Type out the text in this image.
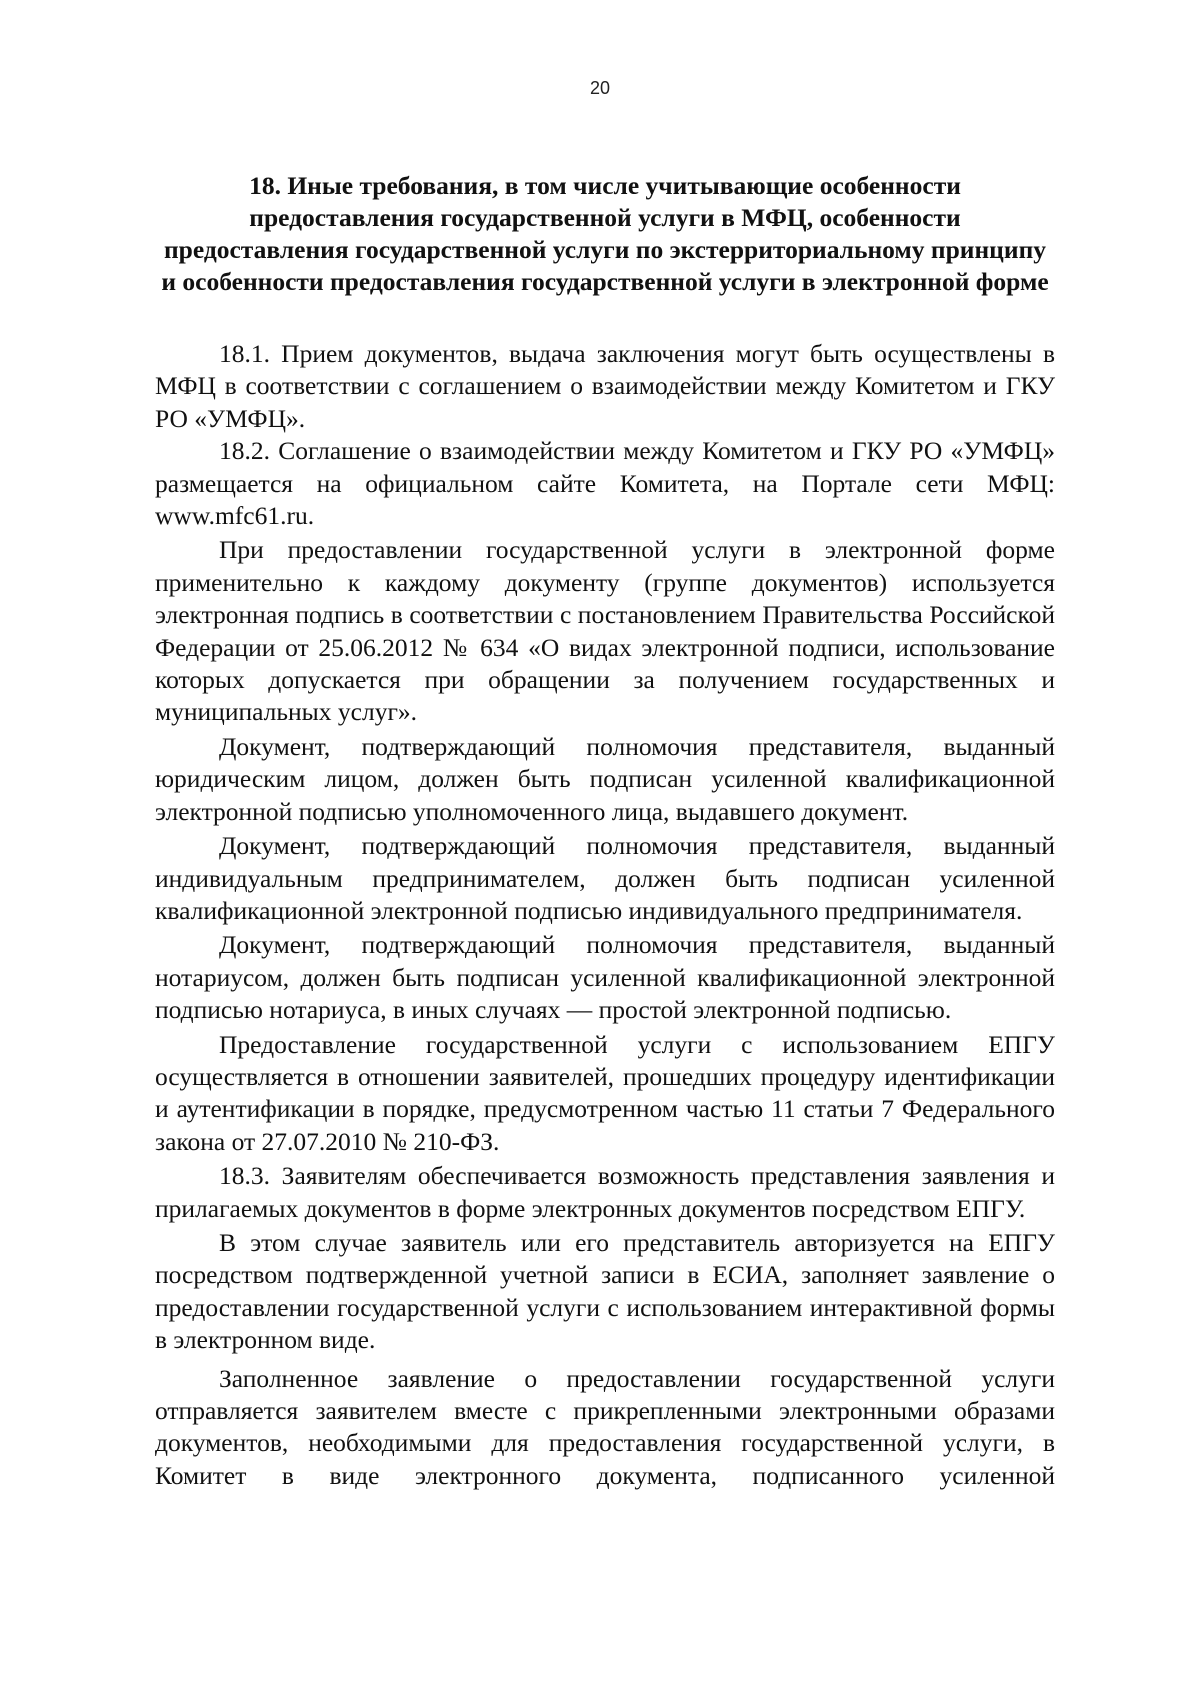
20
18. Иные требования, в том числе учитывающие особенности
предоставления государственной услуги в МФЦ, особенности
предоставления государственной услуги по экстерриториальному принципу
и особенности предоставления государственной услуги в электронной форме

18.1. Прием документов, выдача заключения могут быть осуществлены в МФЦ в соответствии с соглашением о взаимодействии между Комитетом и ГКУ РО «УМФЦ».

18.2. Соглашение о взаимодействии между Комитетом и ГКУ РО «УМФЦ» размещается на официальном сайте Комитета, на Портале сети МФЦ: www.mfc61.ru.

При предоставлении государственной услуги в электронной форме применительно к каждому документу (группе документов) используется электронная подпись в соответствии с постановлением Правительства Российской Федерации от 25.06.2012 № 634 «О видах электронной подписи, использование которых допускается при обращении за получением государственных и муниципальных услуг».

Документ, подтверждающий полномочия представителя, выданный юридическим лицом, должен быть подписан усиленной квалификационной электронной подписью уполномоченного лица, выдавшего документ.

Документ, подтверждающий полномочия представителя, выданный индивидуальным предпринимателем, должен быть подписан усиленной квалификационной электронной подписью индивидуального предпринимателя.

Документ, подтверждающий полномочия представителя, выданный нотариусом, должен быть подписан усиленной квалификационной электронной подписью нотариуса, в иных случаях — простой электронной подписью.

Предоставление государственной услуги с использованием ЕПГУ осуществляется в отношении заявителей, прошедших процедуру идентификации и аутентификации в порядке, предусмотренном частью 11 статьи 7 Федерального закона от 27.07.2010 № 210-ФЗ.

18.3. Заявителям обеспечивается возможность представления заявления и прилагаемых документов в форме электронных документов посредством ЕПГУ.

В этом случае заявитель или его представитель авторизуется на ЕПГУ посредством подтвержденной учетной записи в ЕСИА, заполняет заявление о предоставлении государственной услуги с использованием интерактивной формы в электронном виде.

Заполненное заявление о предоставлении государственной услуги отправляется заявителем вместе с прикрепленными электронными образами документов, необходимыми для предоставления государственной услуги, в Комитет в виде электронного документа, подписанного усиленной
